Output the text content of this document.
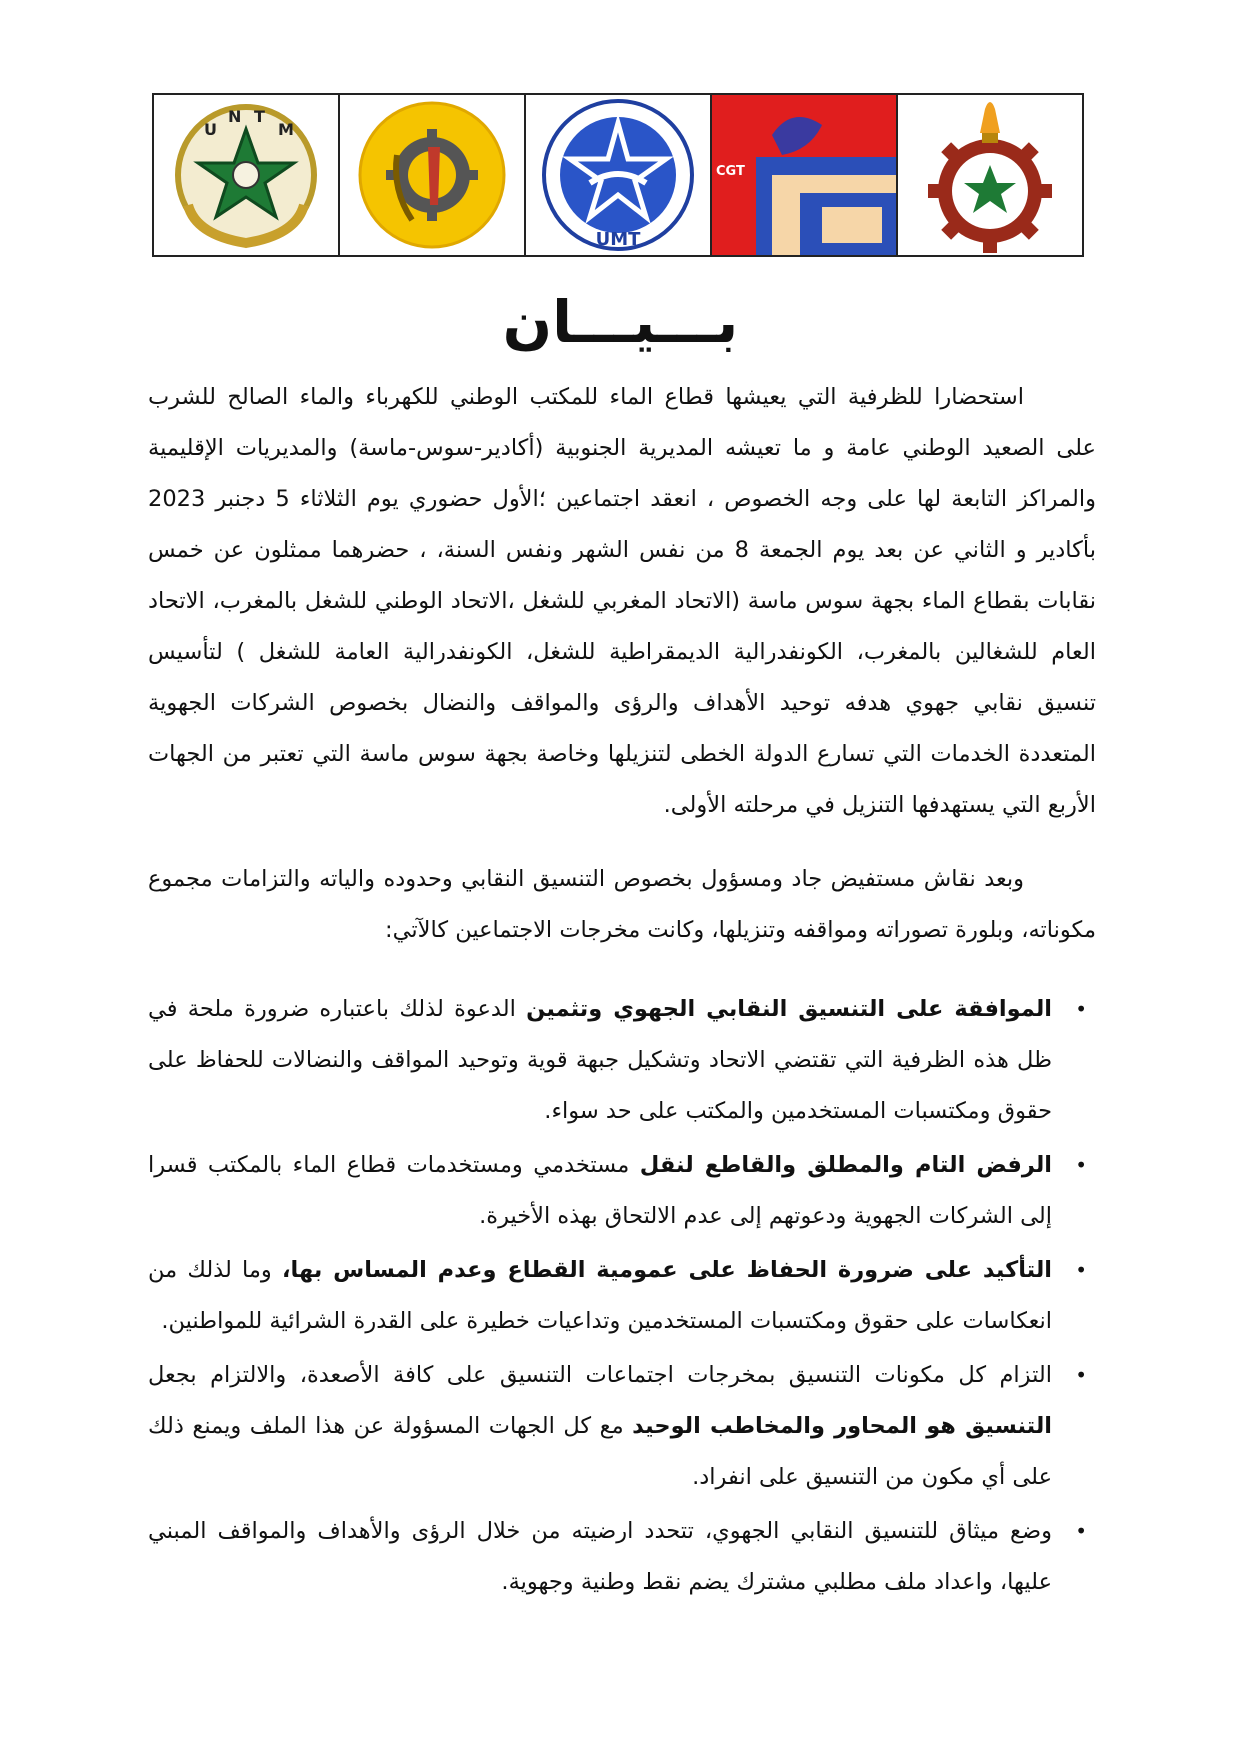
U
N T
M
UMT
CGT
بـــيـــان

استحضارا للظرفية التي يعيشها قطاع الماء للمكتب الوطني للكهرباء والماء الصالح للشرب على الصعيد الوطني عامة و ما تعيشه المديرية الجنوبية (أكادير-سوس-ماسة) والمديريات الإقليمية والمراكز التابعة لها على وجه الخصوص ، انعقد اجتماعين ؛الأول حضوري يوم الثلاثاء 5 دجنبر 2023 بأكادير و الثاني عن بعد يوم الجمعة 8 من نفس الشهر ونفس السنة، ، حضرهما ممثلون عن خمس نقابات بقطاع الماء بجهة سوس ماسة (الاتحاد المغربي للشغل ،الاتحاد الوطني للشغل بالمغرب، الاتحاد العام للشغالين بالمغرب، الكونفدرالية الديمقراطية للشغل، الكونفدرالية العامة للشغل ) لتأسيس تنسيق نقابي جهوي هدفه توحيد الأهداف والرؤى والمواقف والنضال بخصوص الشركات الجهوية المتعددة الخدمات التي تسارع الدولة الخطى لتنزيلها وخاصة بجهة سوس ماسة التي تعتبر من الجهات الأربع التي يستهدفها التنزيل في مرحلته الأولى.

وبعد نقاش مستفيض جاد ومسؤول بخصوص التنسيق النقابي وحدوده والياته والتزامات مجموع مكوناته، وبلورة تصوراته ومواقفه وتنزيلها، وكانت مخرجات الاجتماعين كالآتي:

•
الموافقة على التنسيق النقابي الجهوي وتثمين الدعوة لذلك باعتباره ضرورة ملحة في ظل هذه الظرفية التي تقتضي الاتحاد وتشكيل جبهة قوية وتوحيد المواقف والنضالات للحفاظ على حقوق ومكتسبات المستخدمين والمكتب على حد سواء.
•
الرفض التام والمطلق والقاطع لنقل مستخدمي ومستخدمات قطاع الماء بالمكتب قسرا إلى الشركات الجهوية ودعوتهم إلى عدم الالتحاق بهذه الأخيرة.
•
التأكيد على ضرورة الحفاظ على عمومية القطاع وعدم المساس بها، وما لذلك من انعكاسات على حقوق ومكتسبات المستخدمين وتداعيات خطيرة على القدرة الشرائية للمواطنين.
•
التزام كل مكونات التنسيق بمخرجات اجتماعات التنسيق على كافة الأصعدة، والالتزام بجعل التنسيق هو المحاور والمخاطب الوحيد مع كل الجهات المسؤولة عن هذا الملف ويمنع ذلك على أي مكون من التنسيق على انفراد.
•
وضع ميثاق للتنسيق النقابي الجهوي، تتحدد ارضيته من خلال الرؤى والأهداف والمواقف المبني عليها، واعداد ملف مطلبي مشترك يضم نقط وطنية وجهوية.
